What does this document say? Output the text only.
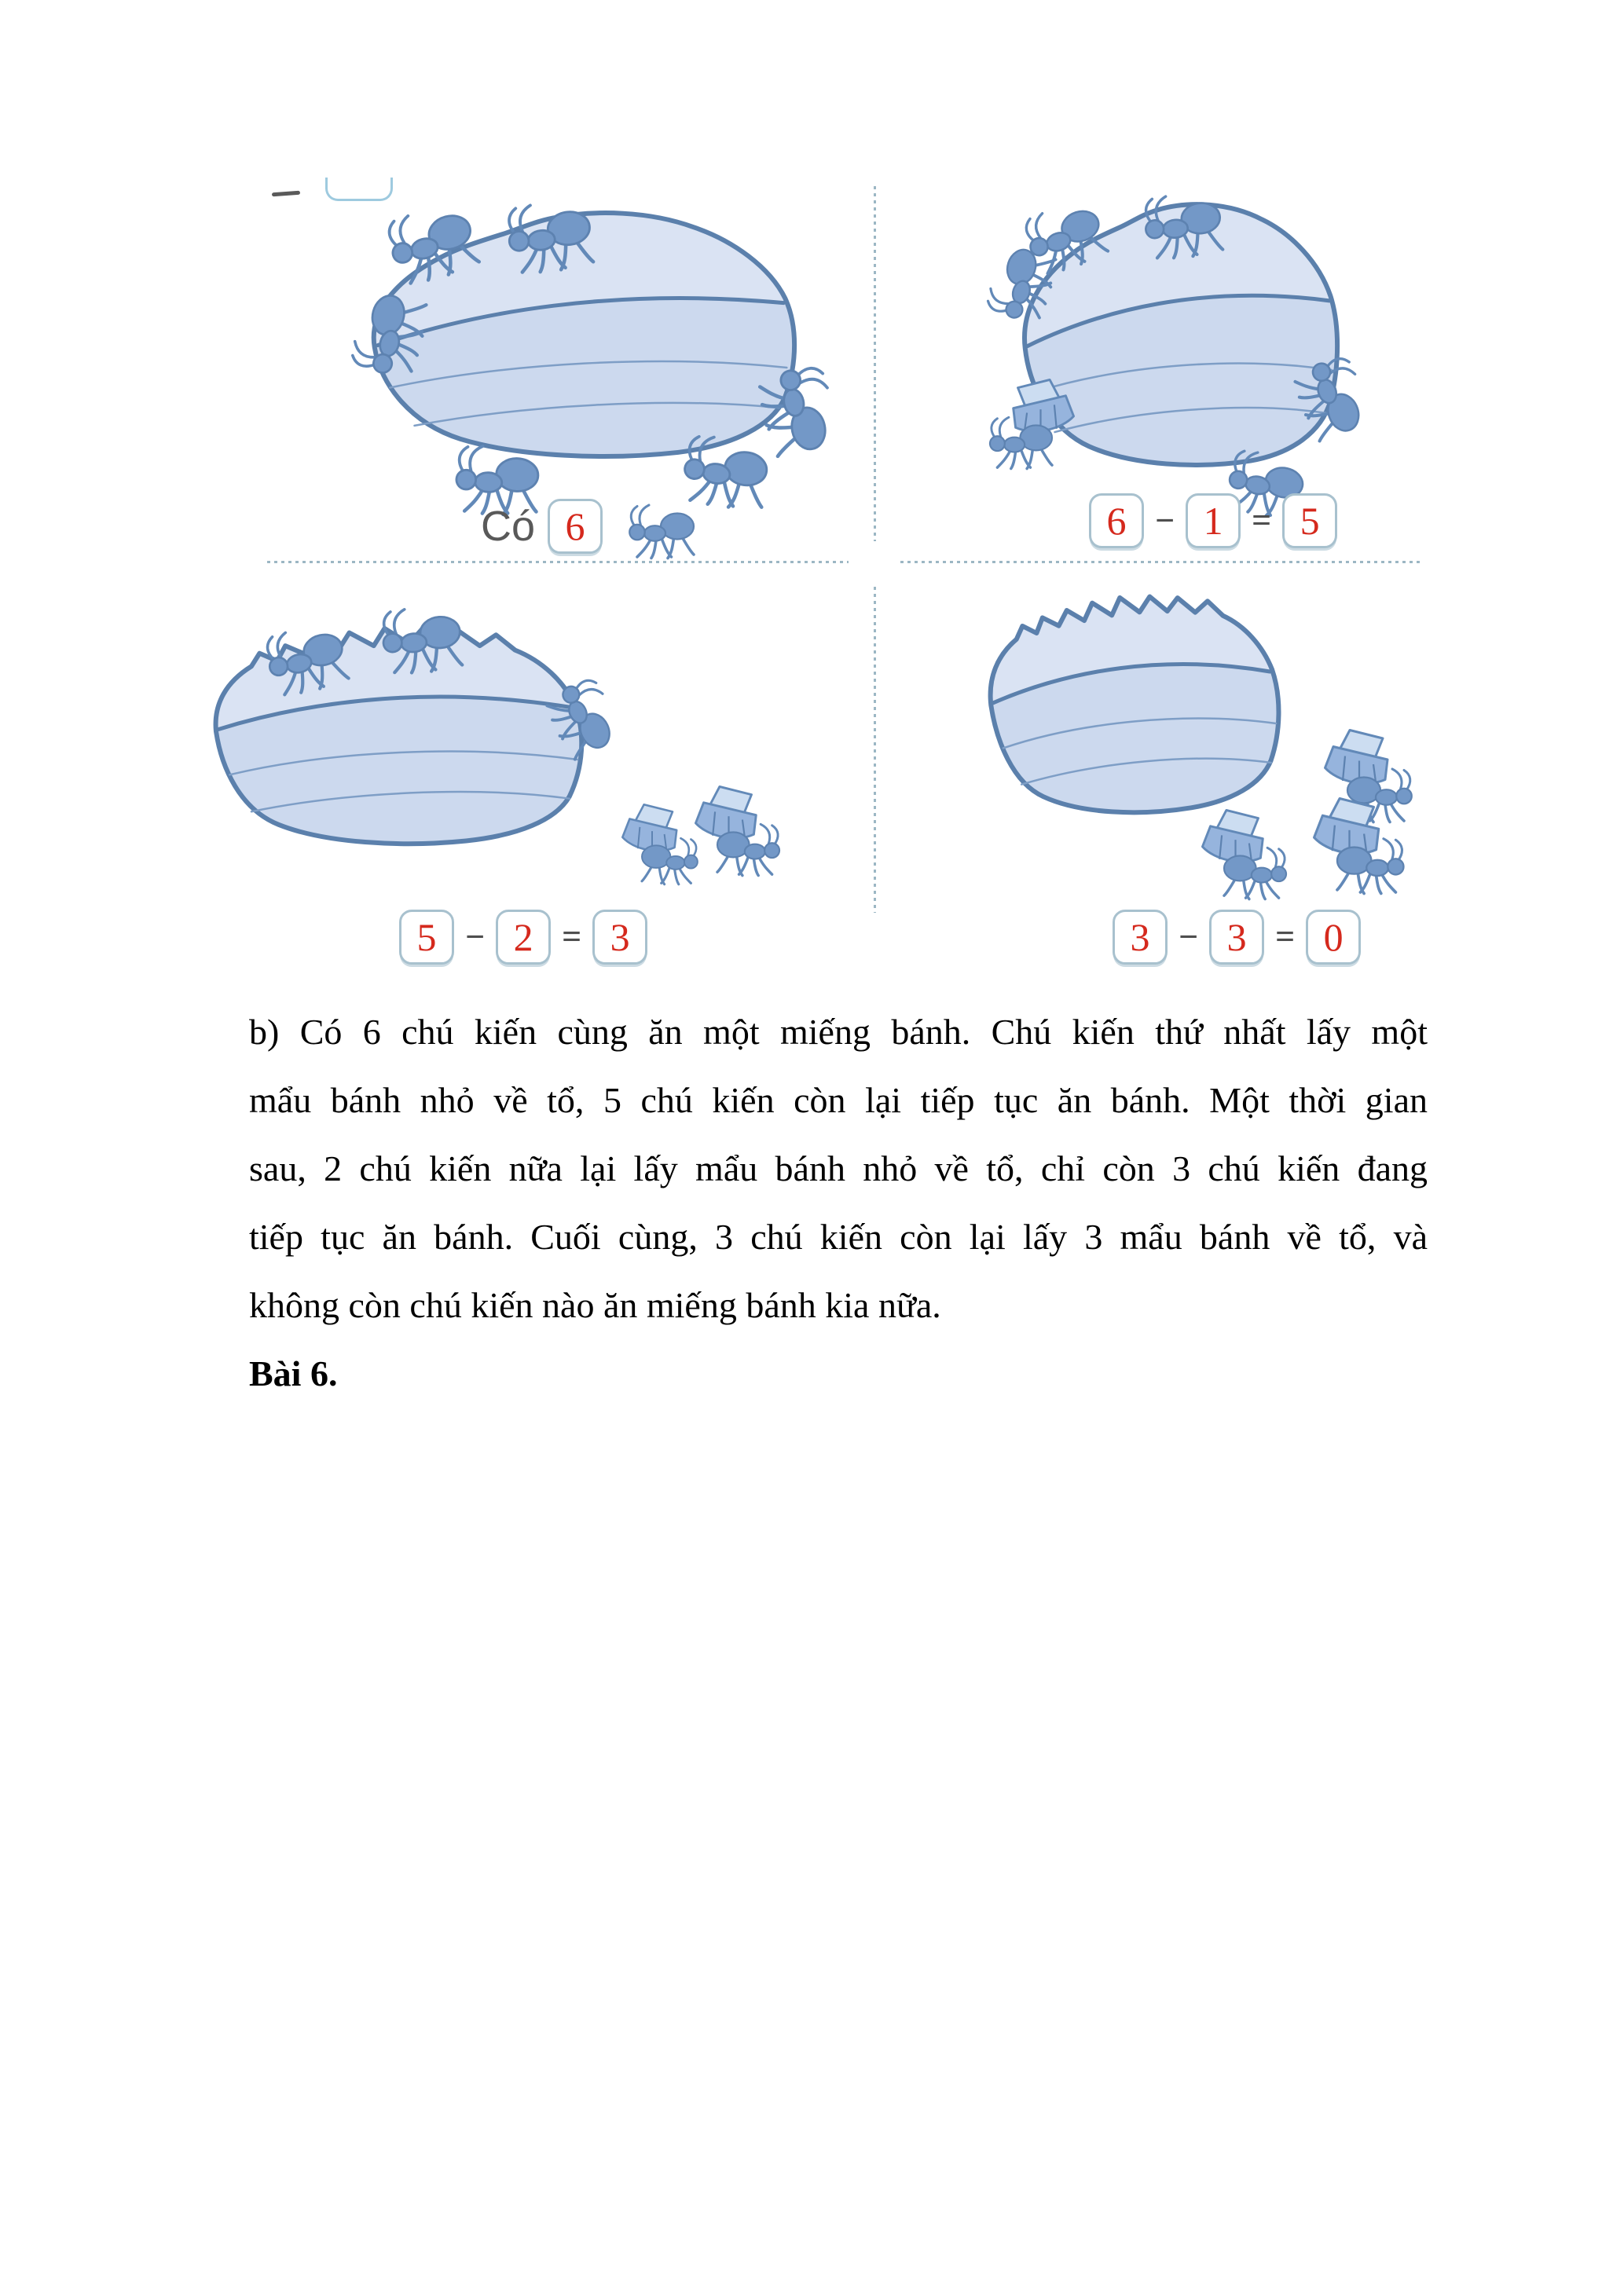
Có 6	6 − 1 = 5
5 − 2 = 3	3 − 3 = 0
b) Có 6 chú kiến cùng ăn một miếng bánh. Chú kiến thứ nhất lấy một
mẩu bánh nhỏ về tổ, 5 chú kiến còn lại tiếp tục ăn bánh. Một thời gian
sau, 2 chú kiến nữa lại lấy mẩu bánh nhỏ về tổ, chỉ còn 3 chú kiến đang
tiếp tục ăn bánh. Cuối cùng, 3 chú kiến còn lại lấy 3 mẩu bánh về tổ, và
không còn chú kiến nào ăn miếng bánh kia nữa.
Bài 6.
